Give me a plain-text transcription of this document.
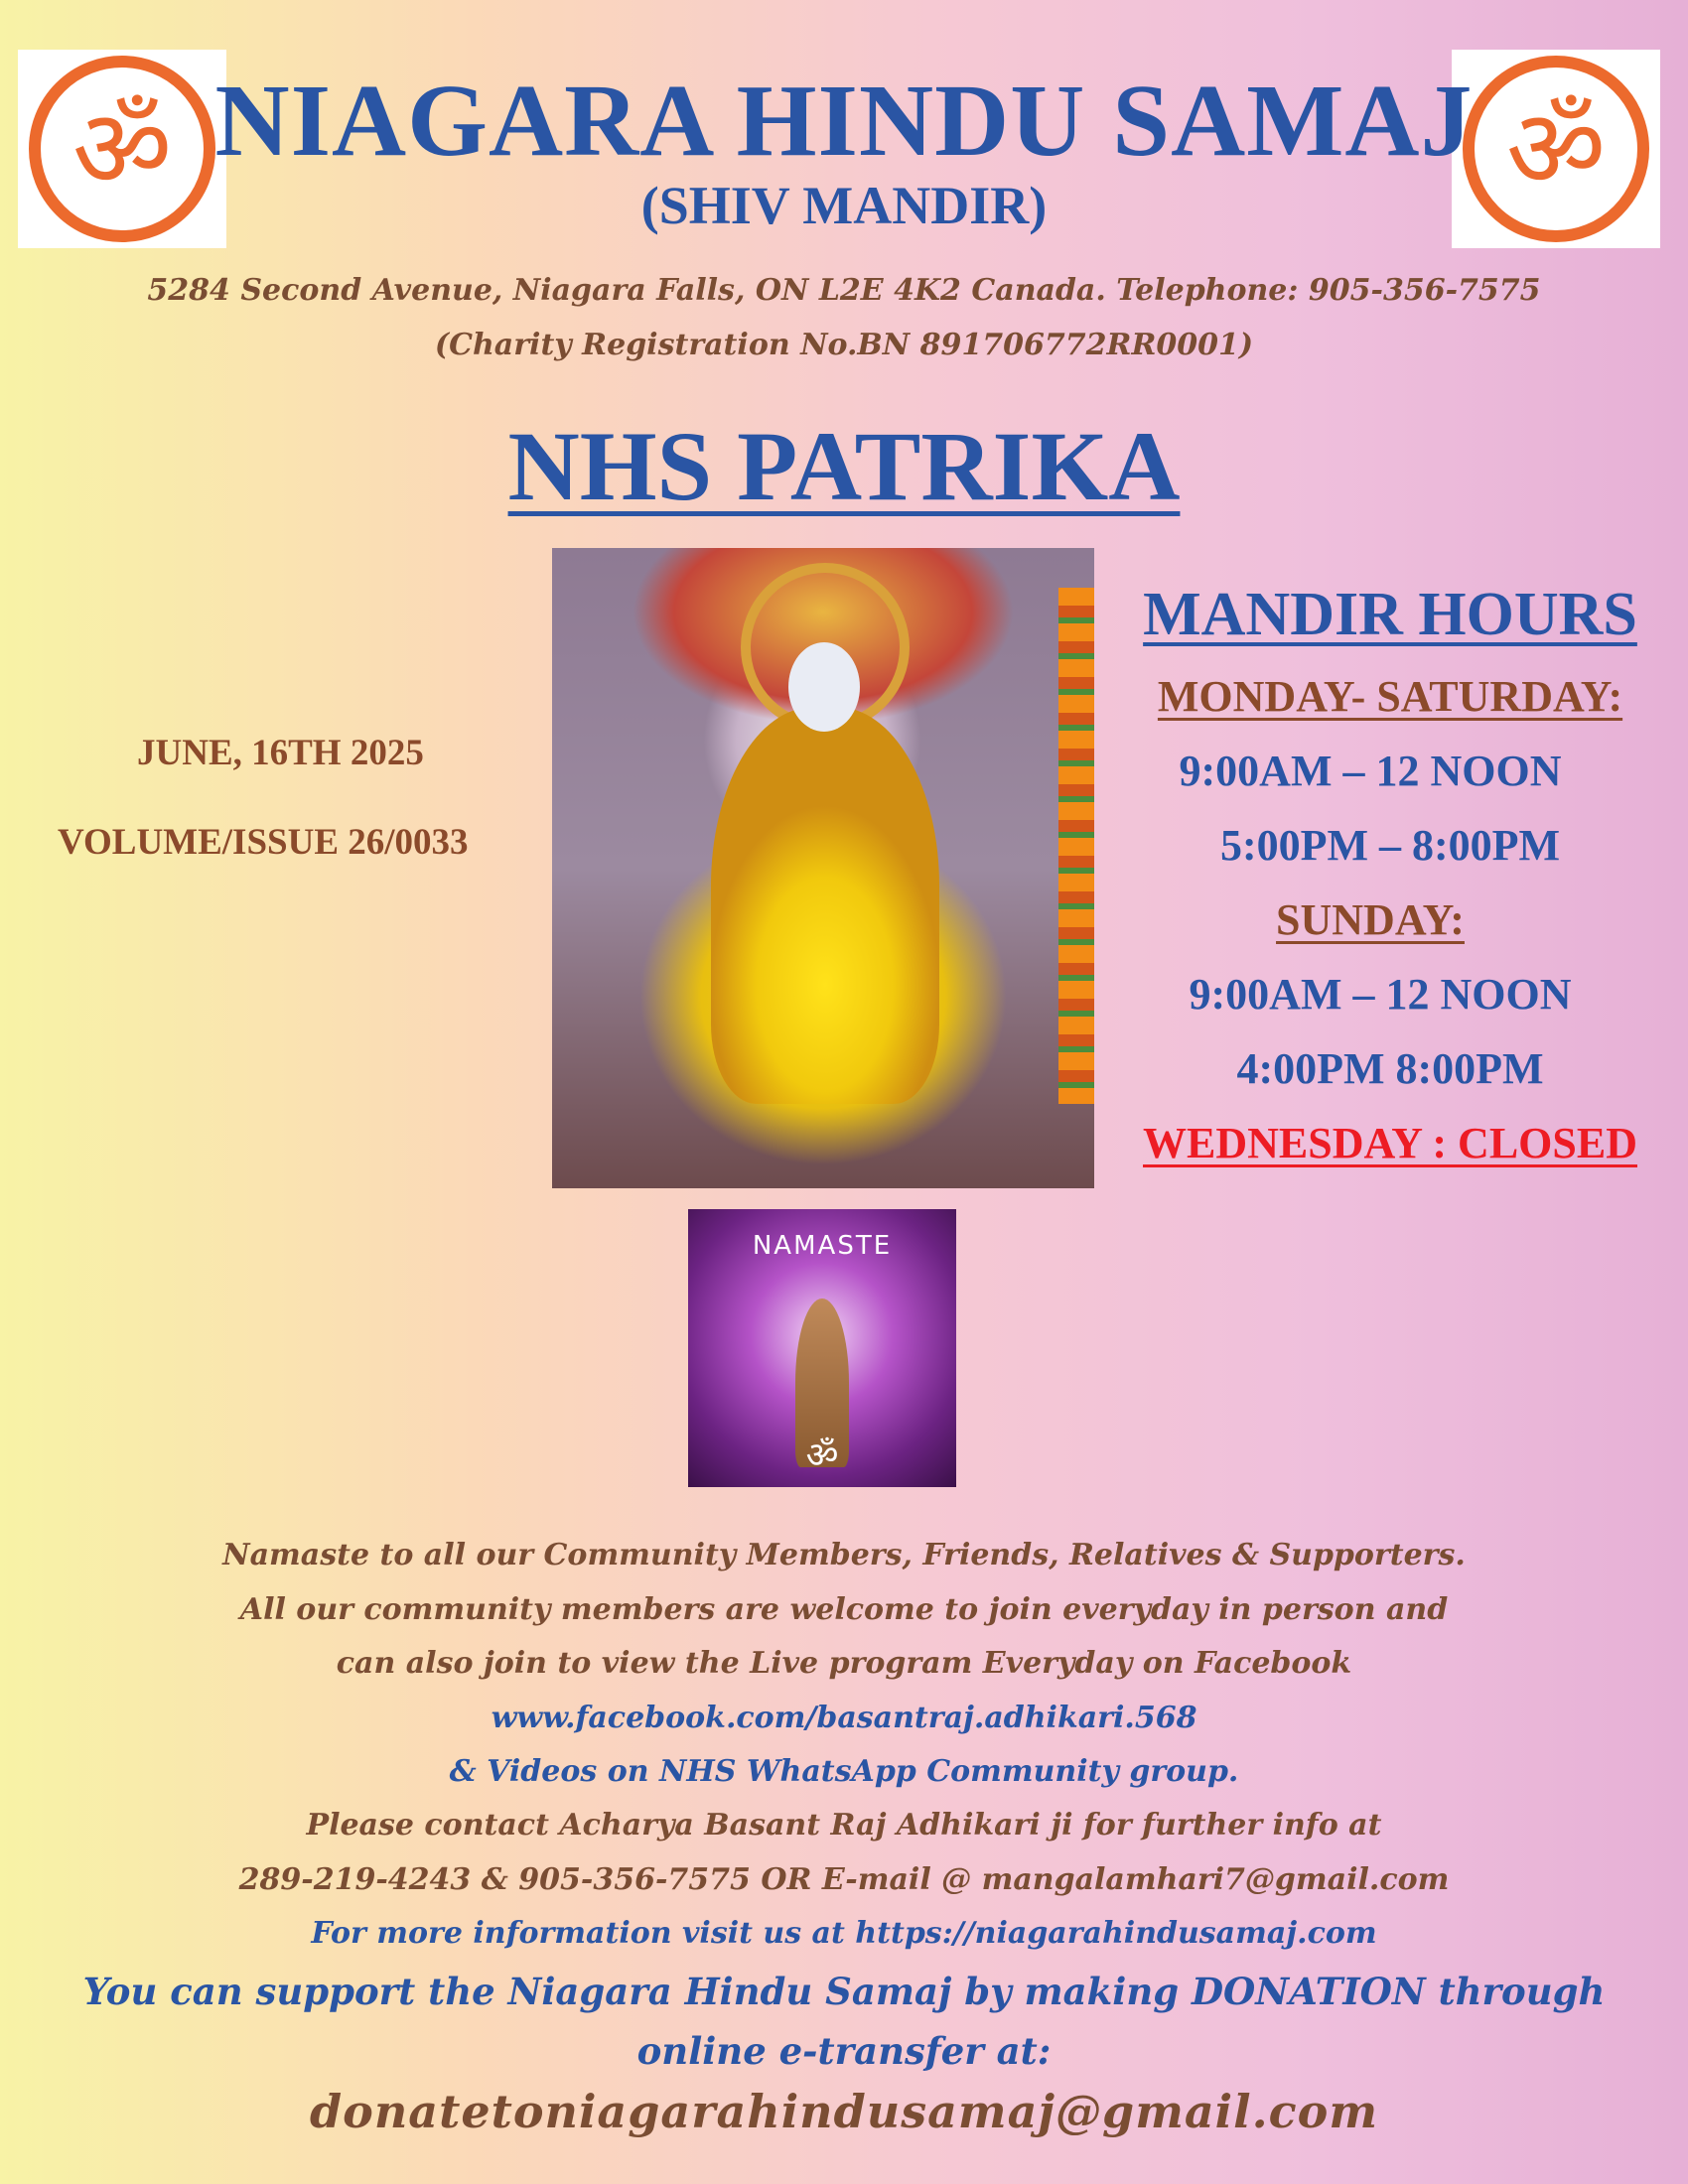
ॐ	ॐ
NIAGARA HINDU SAMAJ
(SHIV MANDIR)
5284 Second Avenue, Niagara Falls, ON L2E 4K2 Canada. Telephone: 905-356-7575
(Charity Registration No.BN 891706772RR0001)
NHS PATRIKA
JUNE, 16TH 2025
VOLUME/ISSUE 26/0033
NAMASTE
ॐ
MANDIR HOURS
MONDAY- SATURDAY:
9:00AM – 12 NOON
5:00PM – 8:00PM
SUNDAY:
9:00AM – 12 NOON
4:00PM 8:00PM
WEDNESDAY : CLOSED
Namaste to all our Community Members, Friends, Relatives & Supporters.
All our community members are welcome to join everyday in person and
can also join to view the Live program Everyday on Facebook
www.facebook.com/basantraj.adhikari.568
& Videos on NHS WhatsApp Community group.
Please contact Acharya Basant Raj Adhikari ji for further info at
289-219-4243 & 905-356-7575 OR E-mail @ mangalamhari7@gmail.com
For more information visit us at https://niagarahindusamaj.com
You can support the Niagara Hindu Samaj by making DONATION through
online e-transfer at:
donatetoniagarahindusamaj@gmail.com
